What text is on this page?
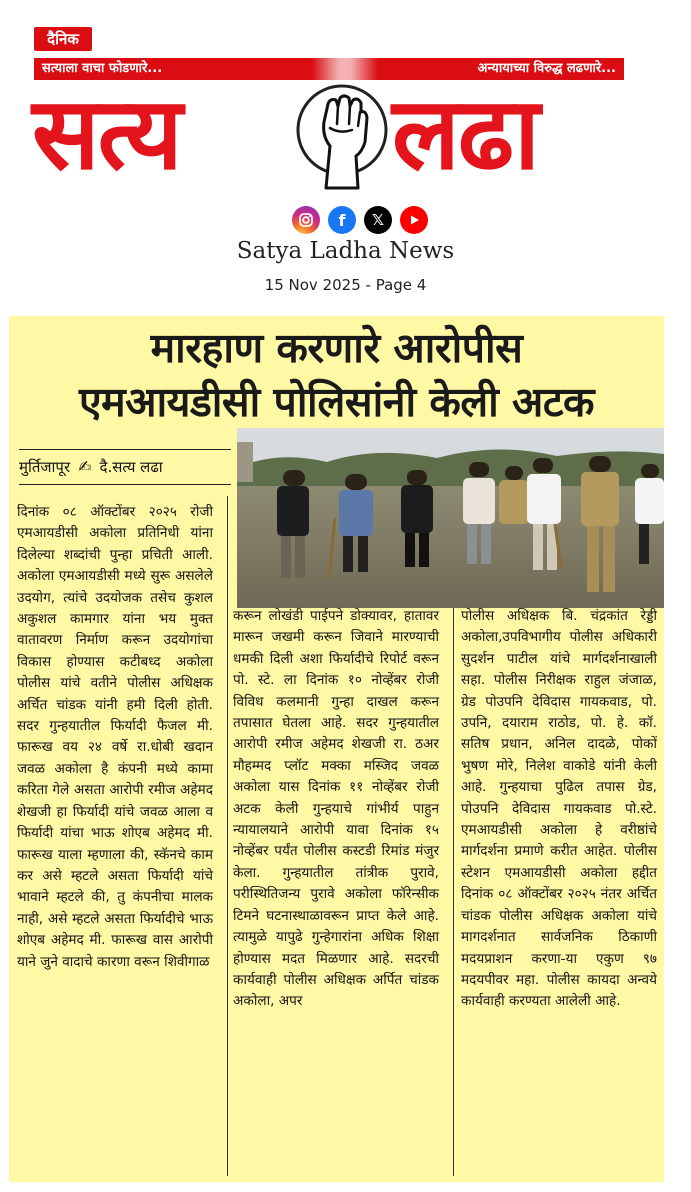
दैनिक
सत्याला वाचा फोडणारे...	अन्यायाच्या विरुद्ध लढणारे...
सत्य लढा
f	𝕏
Satya Ladha News
15 Nov 2025 - Page 4
मारहाण करणारे आरोपीस
एमआयडीसी पोलिसांनी केली अटक
मुर्तिजापूर ✍ दै.सत्य लढा
दिनांक ०८ ऑक्टोंबर २०२५ रोजी एमआयडीसी अकोला प्रतिनिधी यांना दिलेल्या शब्दांची पुन्हा प्रचिती आली. अकोला एमआयडीसी मध्ये सुरू असलेले उदयोग, त्यांचे उदयोजक तसेच कुशल अकुशल कामगार यांना भय मुक्त वातावरण निर्माण करून उदयोगांचा विकास होण्यास कटीबध्द अकोला पोलीस यांचे वतीने पोलीस अधिक्षक अर्चित चांडक यांनी हमी दिली होती. सदर गुन्हयातील फिर्यादी फैजल मी. फारूख वय २४ वर्षे रा.धोबी खदान जवळ अकोला है कंपनी मध्ये कामा करिता गेले असता आरोपी रमीज अहेमद शेखजी हा फिर्यादी यांचे जवळ आला व फिर्यादी यांचा भाऊ शोएब अहेमद मी. फारूख याला म्हणाला की, स्कॅनचे काम कर असे म्हटले असता फिर्यादी यांचे भावाने म्हटले की, तु कंपनीचा मालक नाही, असे म्हटले असता फिर्यादीचे भाऊ शोएब अहेमद मी. फारूख वास आरोपी याने जुने वादाचे कारणा वरून शिवीगाळ
करून लोखंडी पाईपने डोक्यावर, हातावर मारून जखमी करून जिवाने मारण्याची धमकी दिली अशा फिर्यादीचे रिपोर्ट वरून पो. स्टे. ला दिनांक १० नोव्हेंबर रोजी विविध कलमानी गुन्हा दाखल करून तपासात घेतला आहे. सदर गुन्हयातील आरोपी रमीज अहेमद शेखजी रा. ठअर मौहम्मद प्लॉट मक्का मस्जिद जवळ अकोला यास दिनांक ११ नोव्हेंबर रोजी अटक केली गुन्हयाचे गांभीर्य पाहुन न्यायालयाने आरोपी यावा दिनांक १५ नोव्हेंबर पर्यंत पोलीस कस्टडी रिमांड मंजुर केला. गुन्हयातील तांत्रीक पुरावे, परीस्थितिजन्य पुरावे अकोला फॉरेन्सीक टिमने घटनास्थाळावरून प्राप्त केले आहे. त्यामुळे यापुढे गुन्हेगारांना अधिक शिक्षा होण्यास मदत मिळणार आहे. सदरची कार्यवाही पोलीस अधिक्षक अर्पित चांडक अकोला, अपर
पोलीस अधिक्षक बि. चंद्रकांत रेड्डी अकोला,उपविभागीय पोलीस अधिकारी सुदर्शन पाटील यांचे मार्गदर्शनाखाली सहा. पोलीस निरीक्षक राहुल जंजाळ, ग्रेड पोउपनि देविदास गायकवाड, पो. उपनि, दयाराम राठोड, पो. हे. कॉ. सतिष प्रधान, अनिल दादळे, पोकों भुषण मोरे, निलेश वाकोडे यांनी केली आहे. गुन्हयाचा पुढिल तपास ग्रेड, पोउपनि देविदास गायकवाड पो.स्टे. एमआयडीसी अकोला हे वरीष्ठांचे मार्गदर्शना प्रमाणे करीत आहेत. पोलीस स्टेशन एमआयडीसी अकोला हद्दीत दिनांक ०८ ऑक्टोंबर २०२५ नंतर अर्चित चांडक पोलीस अधिक्षक अकोला यांचे मागदर्शनात सार्वजनिक ठिकाणी मदयप्राशन करणा-या एकुण ९७ मदयपीवर महा. पोलीस कायदा अन्वये कार्यवाही करण्यता आलेली आहे.
